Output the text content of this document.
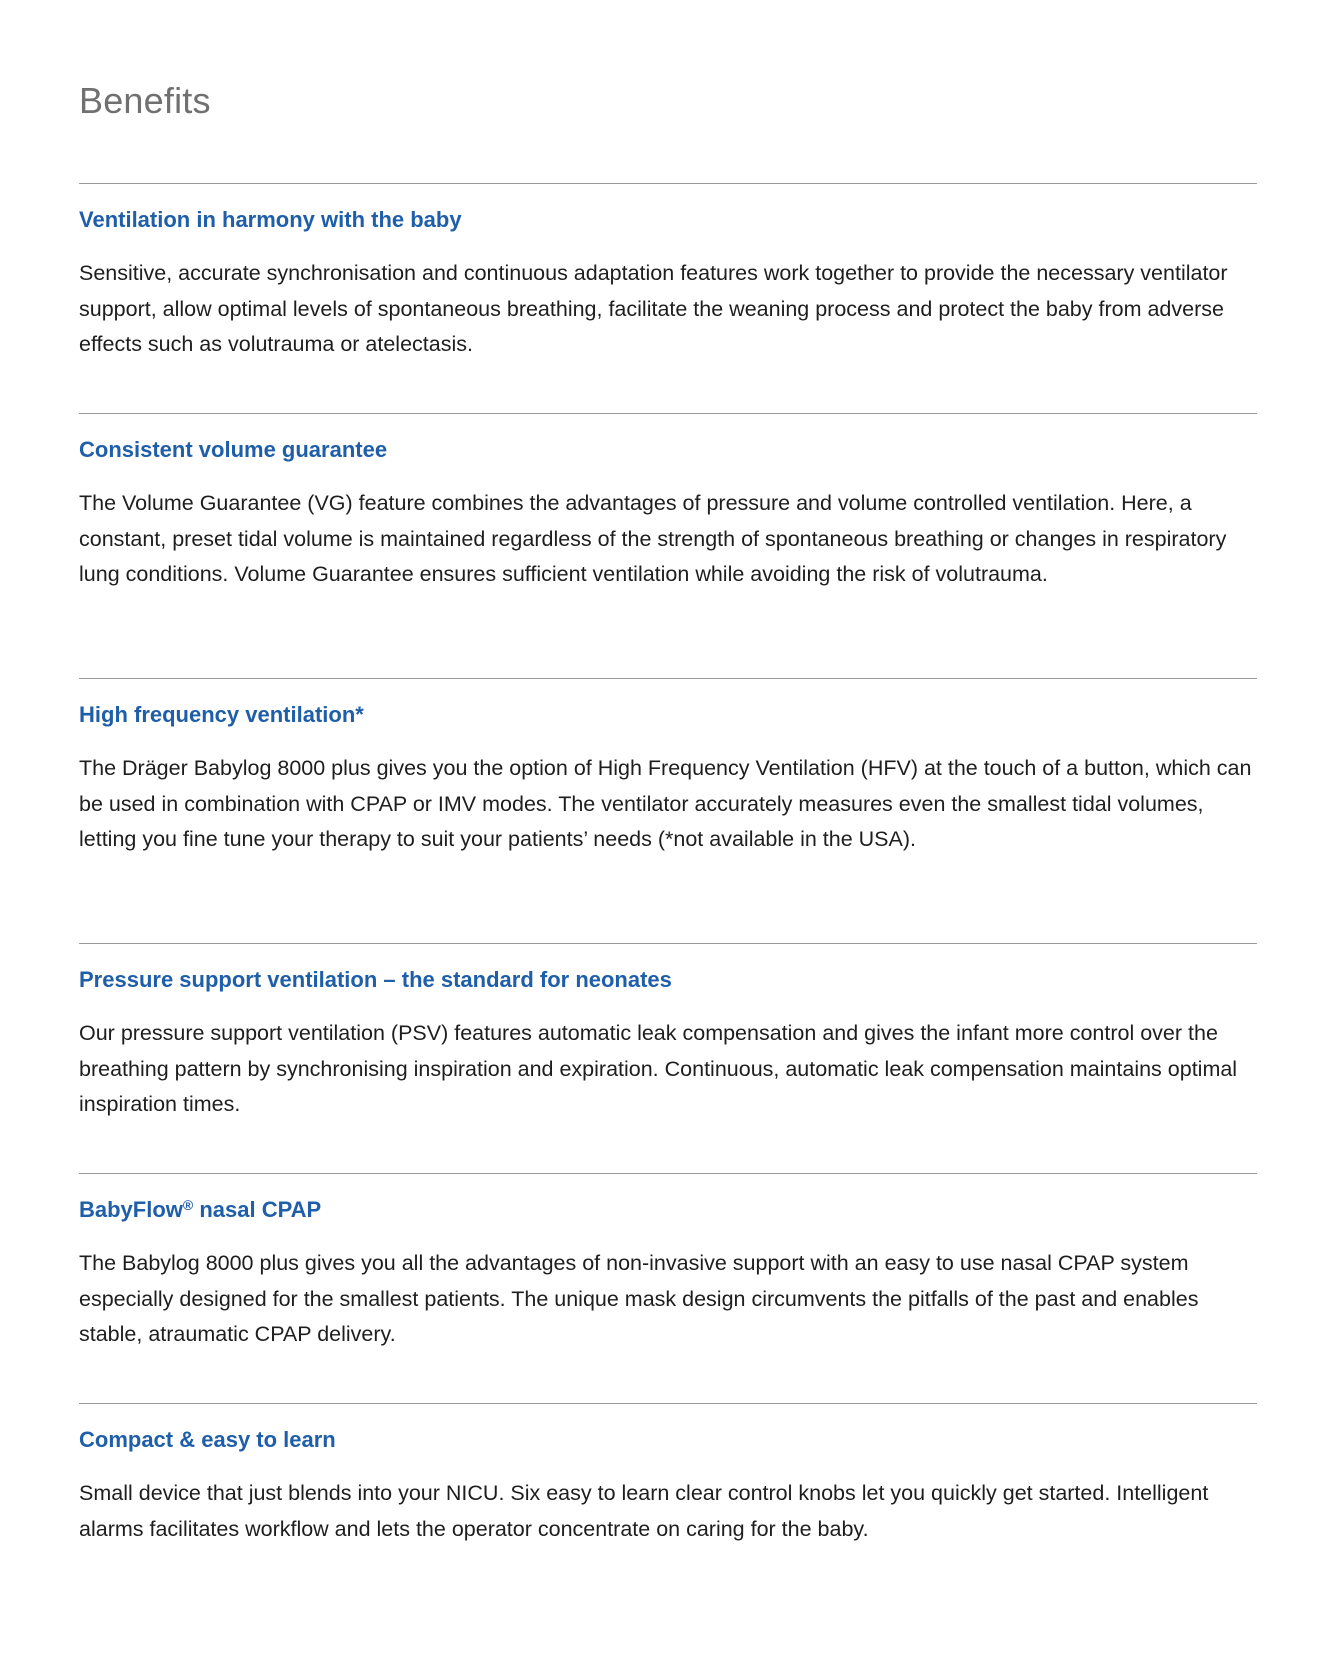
Benefits
Ventilation in harmony with the baby

Sensitive, accurate synchronisation and continuous adaptation features work together to provide the necessary ventilator support, allow optimal levels of spontaneous breathing, facilitate the weaning process and protect the baby from adverse effects such as volutrauma or atelectasis.

Consistent volume guarantee

The Volume Guarantee (VG) feature combines the advantages of pressure and volume controlled ventilation. Here, a constant, preset tidal volume is maintained regardless of the strength of spontaneous breathing or changes in respiratory lung conditions. Volume Guarantee ensures sufficient ventilation while avoiding the risk of volutrauma.

High frequency ventilation*

The Dräger Babylog 8000 plus gives you the option of High Frequency Ventilation (HFV) at the touch of a button, which can be used in combination with CPAP or IMV modes. The ventilator accurately measures even the smallest tidal volumes, letting you fine tune your therapy to suit your patients’ needs (*not available in the USA).

Pressure support ventilation – the standard for neonates

Our pressure support ventilation (PSV) features automatic leak compensation and gives the infant more control over the breathing pattern by synchronising inspiration and expiration. Continuous, automatic leak compensation maintains optimal inspiration times.

BabyFlow® nasal CPAP

The Babylog 8000 plus gives you all the advantages of non-invasive support with an easy to use nasal CPAP system especially designed for the smallest patients. The unique mask design circumvents the pitfalls of the past and enables stable, atraumatic CPAP delivery.

Compact & easy to learn

Small device that just blends into your NICU. Six easy to learn clear control knobs let you quickly get started. Intelligent alarms facilitates workflow and lets the operator concentrate on caring for the baby.
